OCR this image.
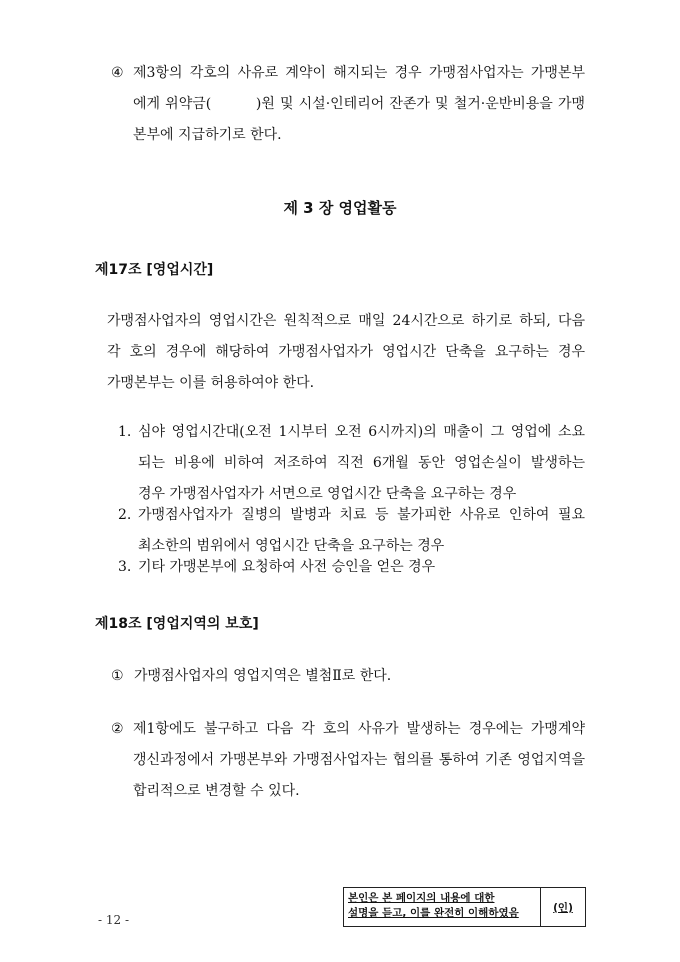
④ 제3항의 각호의 사유로 계약이 해지되는 경우 가맹점사업자는 가맹본부
에게 위약금(　　　)원 및 시설·인테리어 잔존가 및 철거·운반비용을 가맹
본부에 지급하기로 한다.
제 3 장 영업활동
제17조 [영업시간]
가맹점사업자의 영업시간은 원칙적으로 매일 24시간으로 하기로 하되, 다음
각 호의 경우에 해당하여 가맹점사업자가 영업시간 단축을 요구하는 경우
가맹본부는 이를 허용하여야 한다.
1. 심야 영업시간대(오전 1시부터 오전 6시까지)의 매출이 그 영업에 소요
되는 비용에 비하여 저조하여 직전 6개월 동안 영업손실이 발생하는
경우 가맹점사업자가 서면으로 영업시간 단축을 요구하는 경우
2. 가맹점사업자가 질병의 발병과 치료 등 불가피한 사유로 인하여 필요
최소한의 범위에서 영업시간 단축을 요구하는 경우
3. 기타 가맹본부에 요청하여 사전 승인을 얻은 경우
제18조 [영업지역의 보호]
① 가맹점사업자의 영업지역은 별첨Ⅱ로 한다.
② 제1항에도 불구하고 다음 각 호의 사유가 발생하는 경우에는 가맹계약
갱신과정에서 가맹본부와 가맹점사업자는 협의를 통하여 기존 영업지역을
합리적으로 변경할 수 있다.
본인은 본 페이지의 내용에 대한
설명을 듣고, 이를 완전히 이해하였음	(인)
- 12 -
